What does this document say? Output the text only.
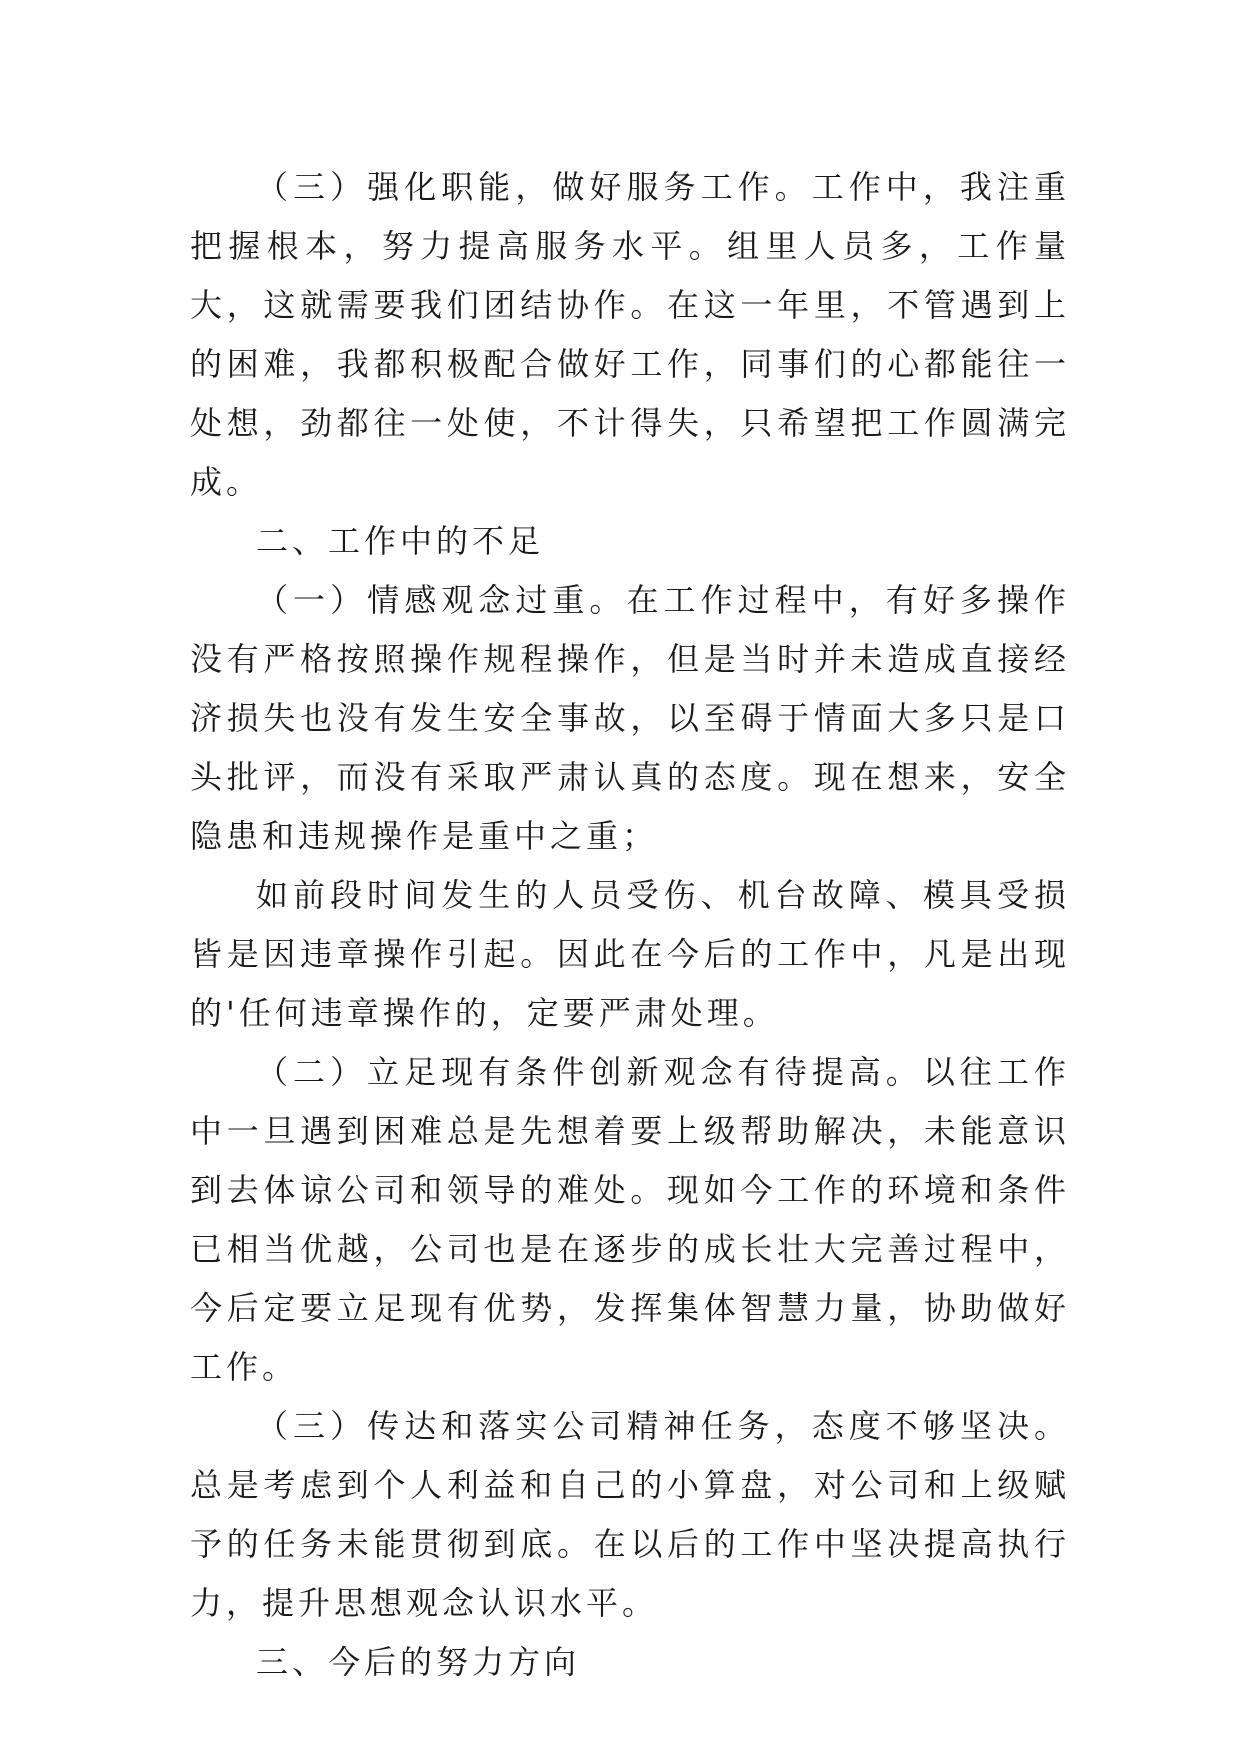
（三）强化职能，做好服务工作。工作中，我注重把握根本，努力提高服务水平。组里人员多，工作量大，这就需要我们团结协作。在这一年里，不管遇到上的困难，我都积极配合做好工作，同事们的心都能往一处想，劲都往一处使，不计得失，只希望把工作圆满完成。

二、工作中的不足

（一）情感观念过重。在工作过程中，有好多操作没有严格按照操作规程操作，但是当时并未造成直接经济损失也没有发生安全事故，以至碍于情面大多只是口头批评，而没有采取严肃认真的态度。现在想来，安全隐患和违规操作是重中之重；

如前段时间发生的人员受伤、机台故障、模具受损皆是因违章操作引起。因此在今后的工作中，凡是出现的'任何违章操作的，定要严肃处理。

（二）立足现有条件创新观念有待提高。以往工作中一旦遇到困难总是先想着要上级帮助解决，未能意识到去体谅公司和领导的难处。现如今工作的环境和条件已相当优越，公司也是在逐步的成长壮大完善过程中，今后定要立足现有优势，发挥集体智慧力量，协助做好工作。

（三）传达和落实公司精神任务，态度不够坚决。总是考虑到个人利益和自己的小算盘，对公司和上级赋予的任务未能贯彻到底。在以后的工作中坚决提高执行力，提升思想观念认识水平。

三、今后的努力方向
